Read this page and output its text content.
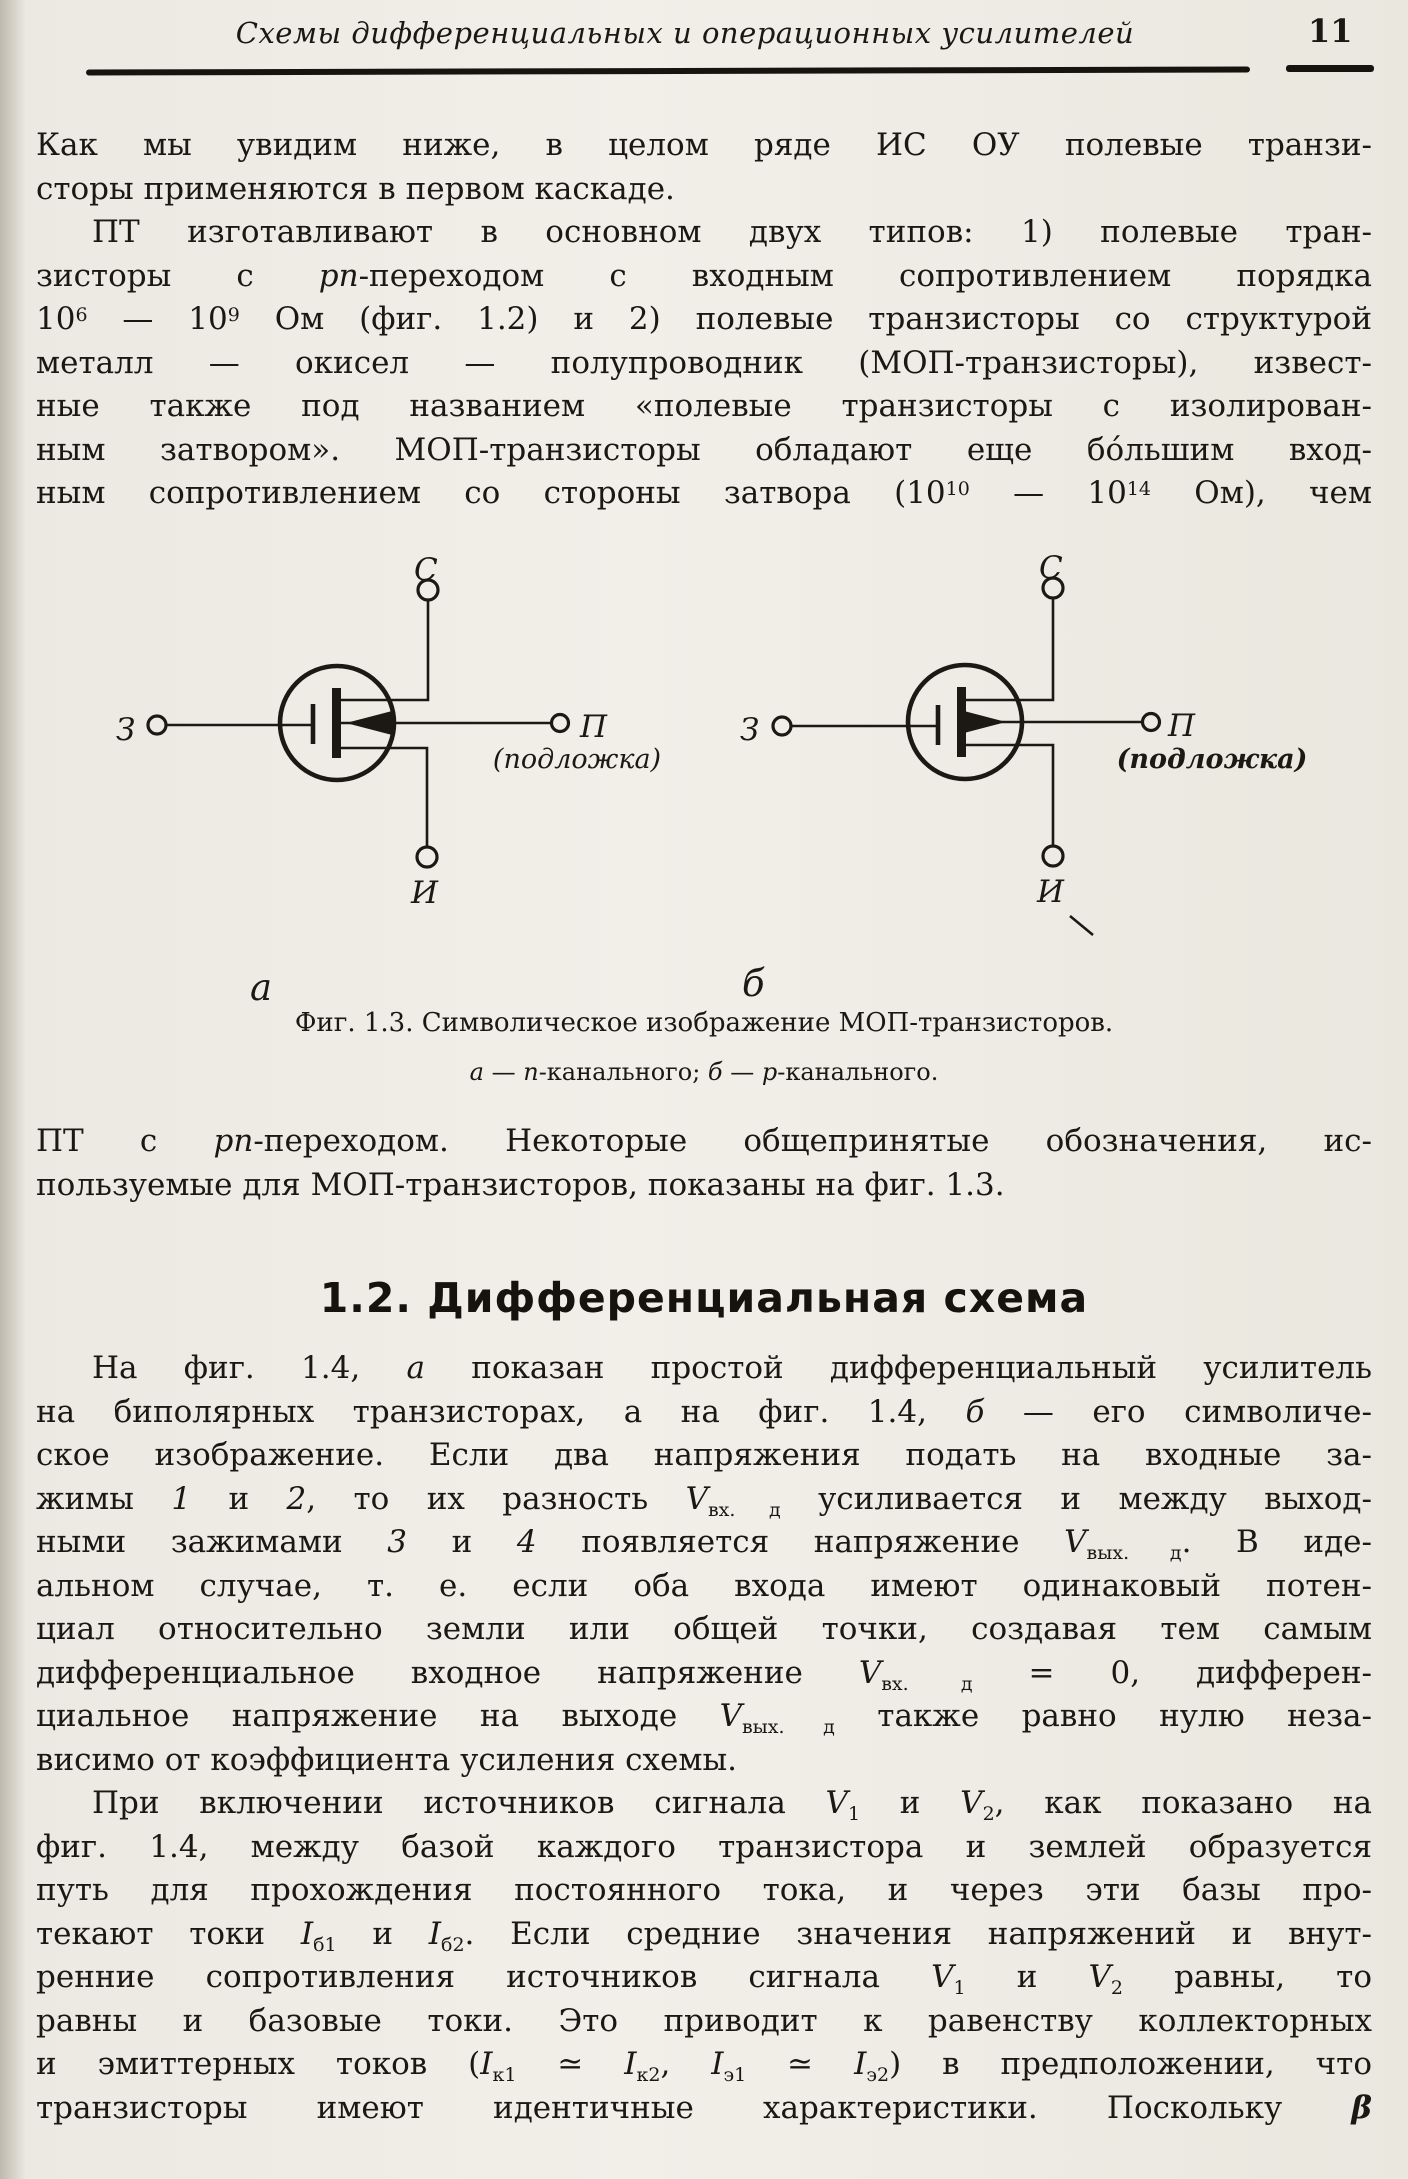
Схемы дифференциальных и операционных усилителей	11
Как мы увидим ниже, в целом ряде ИС ОУ полевые транзи-
сторы применяются в первом каскаде.
ПТ изготавливают в основном двух типов: 1) полевые тран-
зисторы с pn-переходом с входным сопротивлением порядка
$10^6$ — $10^9$ Ом (фиг. 1.2) и 2) полевые транзисторы со структурой
металл — окисел — полупроводник (МОП-транзисторы), извест-
ные также под названием «полевые транзисторы с изолирован-
ным затвором». МОП-транзисторы обладают еще бо́льшим вход-
ным сопротивлением со стороны затвора ($10^{10}$ — $10^{14}$ Ом), чем
С
З
И
П
(подложка)
а
С
З
И
П
(подложка)
б
Фиг. 1.3. Символическое изображение МОП-транзисторов.
а — n-канального; б — p-канального.
ПТ с pn-переходом. Некоторые общепринятые обозначения, ис-
пользуемые для МОП-транзисторов, показаны на фиг. 1.3.
1.2. Дифференциальная схема
На фиг. 1.4, а показан простой дифференциальный усилитель
на биполярных транзисторах, а на фиг. 1.4, б — его символиче-
ское изображение. Если два напряжения подать на входные за-
жимы 1 и 2, то их разность $V_{вх. д}$ усиливается и между выход-
ными зажимами 3 и 4 появляется напряжение $V_{вых. д}$. В иде-
альном случае, т. е. если оба входа имеют одинаковый потен-
циал относительно земли или общей точки, создавая тем самым
дифференциальное входное напряжение $V_{вх. д} = 0$, дифферен-
циальное напряжение на выходе $V_{вых. д}$ также равно нулю неза-
висимо от коэффициента усиления схемы.
При включении источников сигнала $V_1$ и $V_2$, как показано на
фиг. 1.4, между базой каждого транзистора и землей образуется
путь для прохождения постоянного тока, и через эти базы про-
текают токи $I_{б1}$ и $I_{б2}$. Если средние значения напряжений и внут-
ренние сопротивления источников сигнала $V_1$ и $V_2$ равны, то
равны и базовые токи. Это приводит к равенству коллекторных
и эмиттерных токов ($I_{к1}$ ≃ $I_{к2}$, $I_{э1}$ ≃ $I_{э2}$) в предположении, что
транзисторы имеют идентичные характеристики. Поскольку β
